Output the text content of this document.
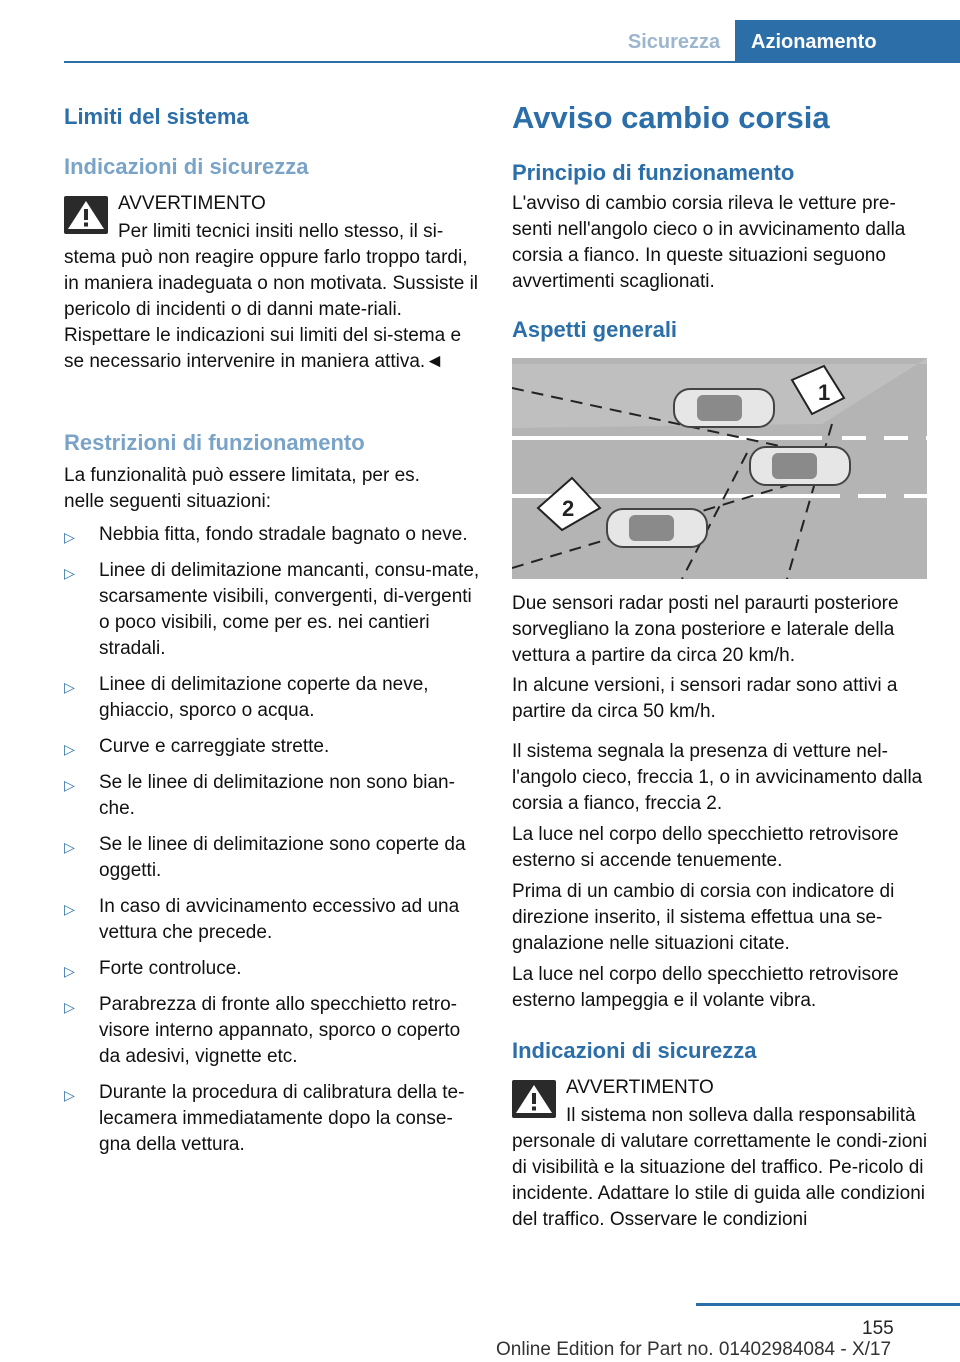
Sicurezza	Azionamento
Limiti del sistema
Indicazioni di sicurezza

AVVERTIMENTO

Per limiti tecnici insiti nello stesso, il si-

stema può non reagire oppure farlo troppo tardi, in maniera inadeguata o non motivata. Sussiste il pericolo di incidenti o di danni mate-riali. Rispettare le indicazioni sui limiti del si-stema e se necessario intervenire in maniera attiva.◄

Restrizioni di funzionamento

La funzionalità può essere limitata, per es. nelle seguenti situazioni:

▷ Nebbia fitta, fondo stradale bagnato o neve.
▷ Linee di delimitazione mancanti, consu-mate, scarsamente visibili, convergenti, di-vergenti o poco visibili, come per es. nei cantieri stradali.
▷ Linee di delimitazione coperte da neve, ghiaccio, sporco o acqua.
▷ Curve e carreggiate strette.
▷ Se le linee di delimitazione non sono bian-che.
▷ Se le linee di delimitazione sono coperte da oggetti.
▷ In caso di avvicinamento eccessivo ad una vettura che precede.
▷ Forte controluce.
▷ Parabrezza di fronte allo specchietto retro-visore interno appannato, sporco o coperto da adesivi, vignette etc.
▷ Durante la procedura di calibratura della te-lecamera immediatamente dopo la conse-gna della vettura.
Avviso cambio corsia
Principio di funzionamento

L'avviso di cambio corsia rileva le vetture pre-senti nell'angolo cieco o in avvicinamento dalla corsia a fianco. In queste situazioni seguono avvertimenti scaglionati.

Aspetti generali
1
2

Due sensori radar posti nel paraurti posteriore sorvegliano la zona posteriore e laterale della vettura a partire da circa 20 km/h.

In alcune versioni, i sensori radar sono attivi a partire da circa 50 km/h.

Il sistema segnala la presenza di vetture nel-l'angolo cieco, freccia 1, o in avvicinamento dalla corsia a fianco, freccia 2.

La luce nel corpo dello specchietto retrovisore esterno si accende tenuemente.

Prima di un cambio di corsia con indicatore di direzione inserito, il sistema effettua una se-gnalazione nelle situazioni citate.

La luce nel corpo dello specchietto retrovisore esterno lampeggia e il volante vibra.

Indicazioni di sicurezza

AVVERTIMENTO

Il sistema non solleva dalla responsabilità

personale di valutare correttamente le condi-zioni di visibilità e la situazione del traffico. Pe-ricolo di incidente. Adattare lo stile di guida alle condizioni del traffico. Osservare le condizioni

155
Online Edition for Part no. 01402984084 - X/17
